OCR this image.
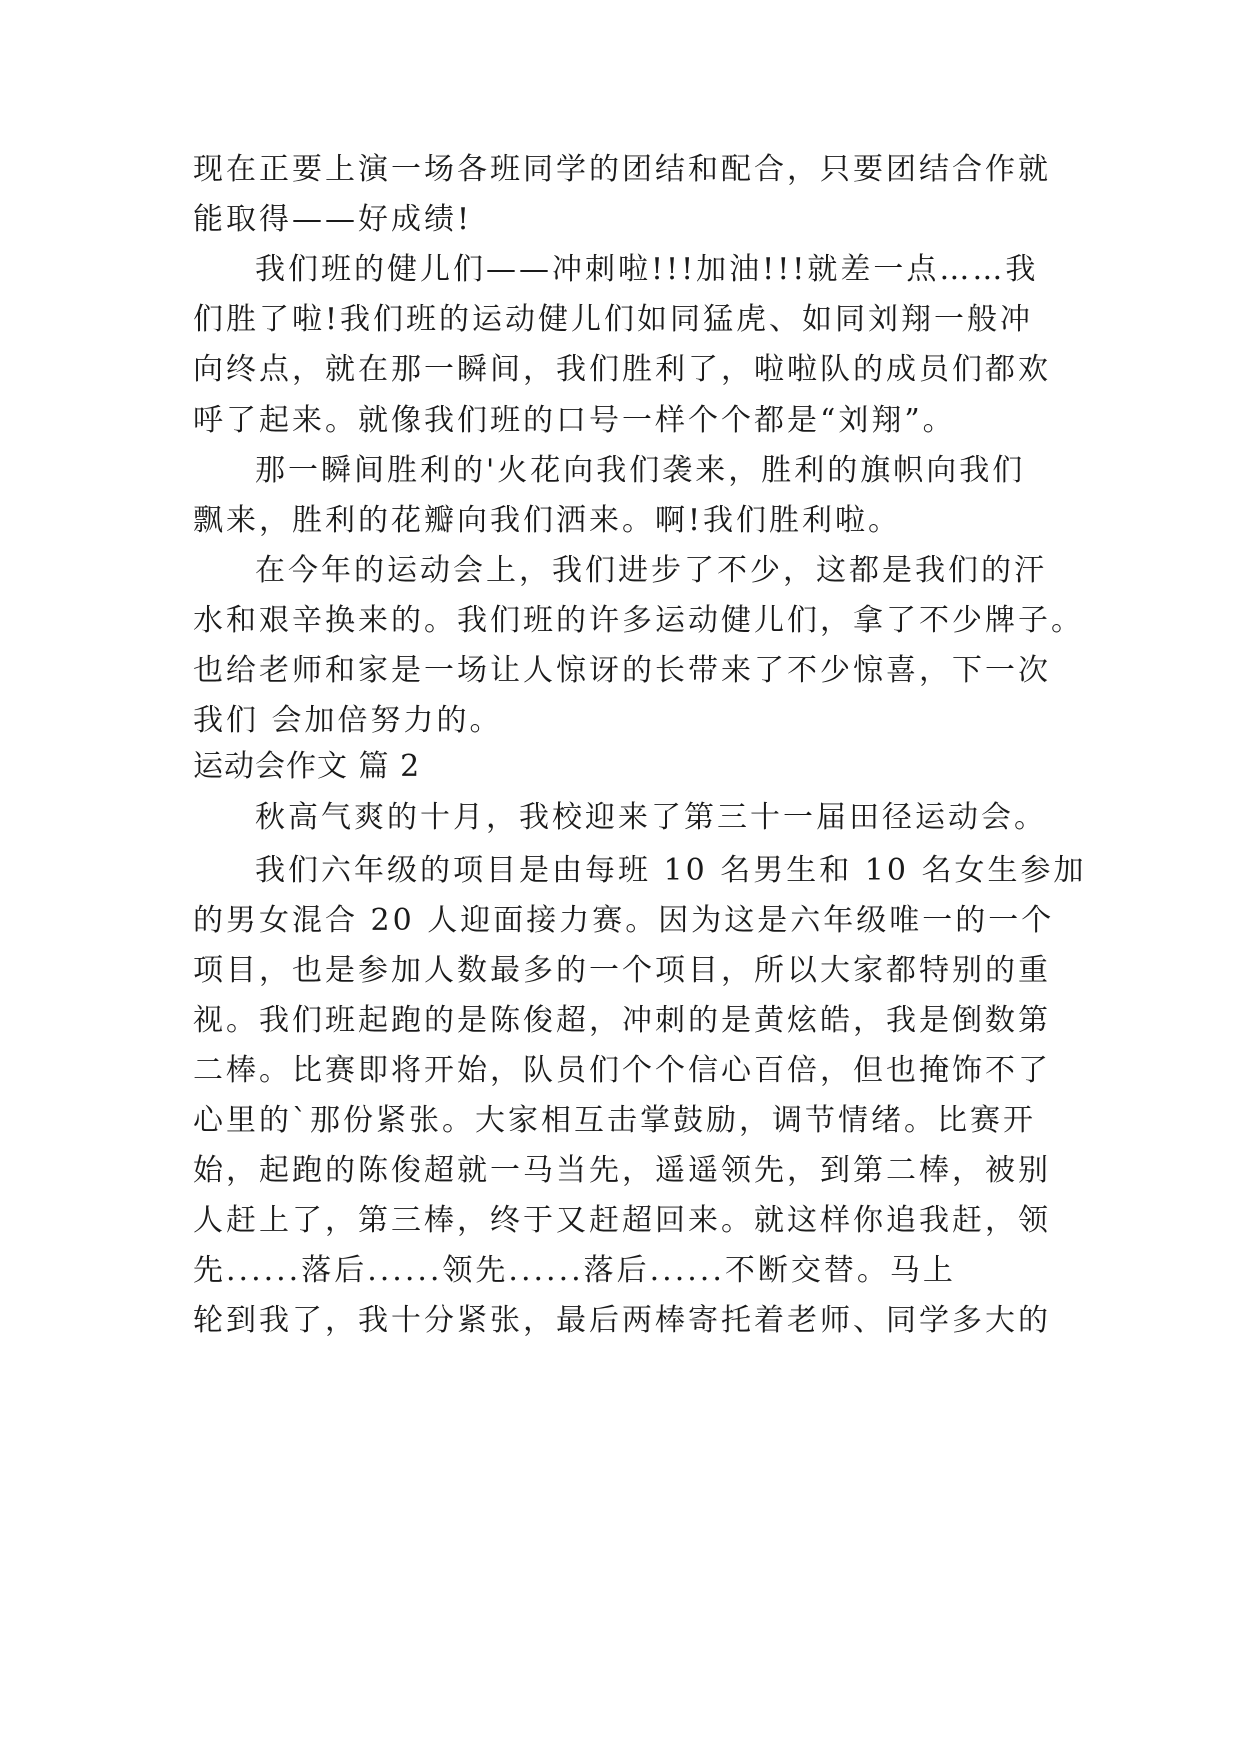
现在正要上演一场各班同学的团结和配合，只要团结合作就
能取得——好成绩!
我们班的健儿们——冲刺啦!!!加油!!!就差一点……我
们胜了啦!我们班的运动健儿们如同猛虎、如同刘翔一般冲
向终点，就在那一瞬间，我们胜利了，啦啦队的成员们都欢
呼了起来。就像我们班的口号一样个个都是“刘翔”。
那一瞬间胜利的'火花向我们袭来，胜利的旗帜向我们
飘来，胜利的花瓣向我们洒来。啊!我们胜利啦。
在今年的运动会上，我们进步了不少，这都是我们的汗
水和艰辛换来的。我们班的许多运动健儿们，拿了不少牌子。
也给老师和家是一场让人惊讶的长带来了不少惊喜，下一次
我们 会加倍努力的。
运动会作文 篇 2
秋高气爽的十月，我校迎来了第三十一届田径运动会。
我们六年级的项目是由每班 10 名男生和 10 名女生参加
的男女混合 20 人迎面接力赛。因为这是六年级唯一的一个
项目，也是参加人数最多的一个项目，所以大家都特别的重
视。我们班起跑的是陈俊超，冲刺的是黄炫皓，我是倒数第
二棒。比赛即将开始，队员们个个信心百倍，但也掩饰不了
心里的`那份紧张。大家相互击掌鼓励，调节情绪。比赛开
始，起跑的陈俊超就一马当先，遥遥领先，到第二棒，被别
人赶上了，第三棒，终于又赶超回来。就这样你追我赶，领
先......落后......领先......落后......不断交替。马上
轮到我了，我十分紧张，最后两棒寄托着老师、同学多大的
